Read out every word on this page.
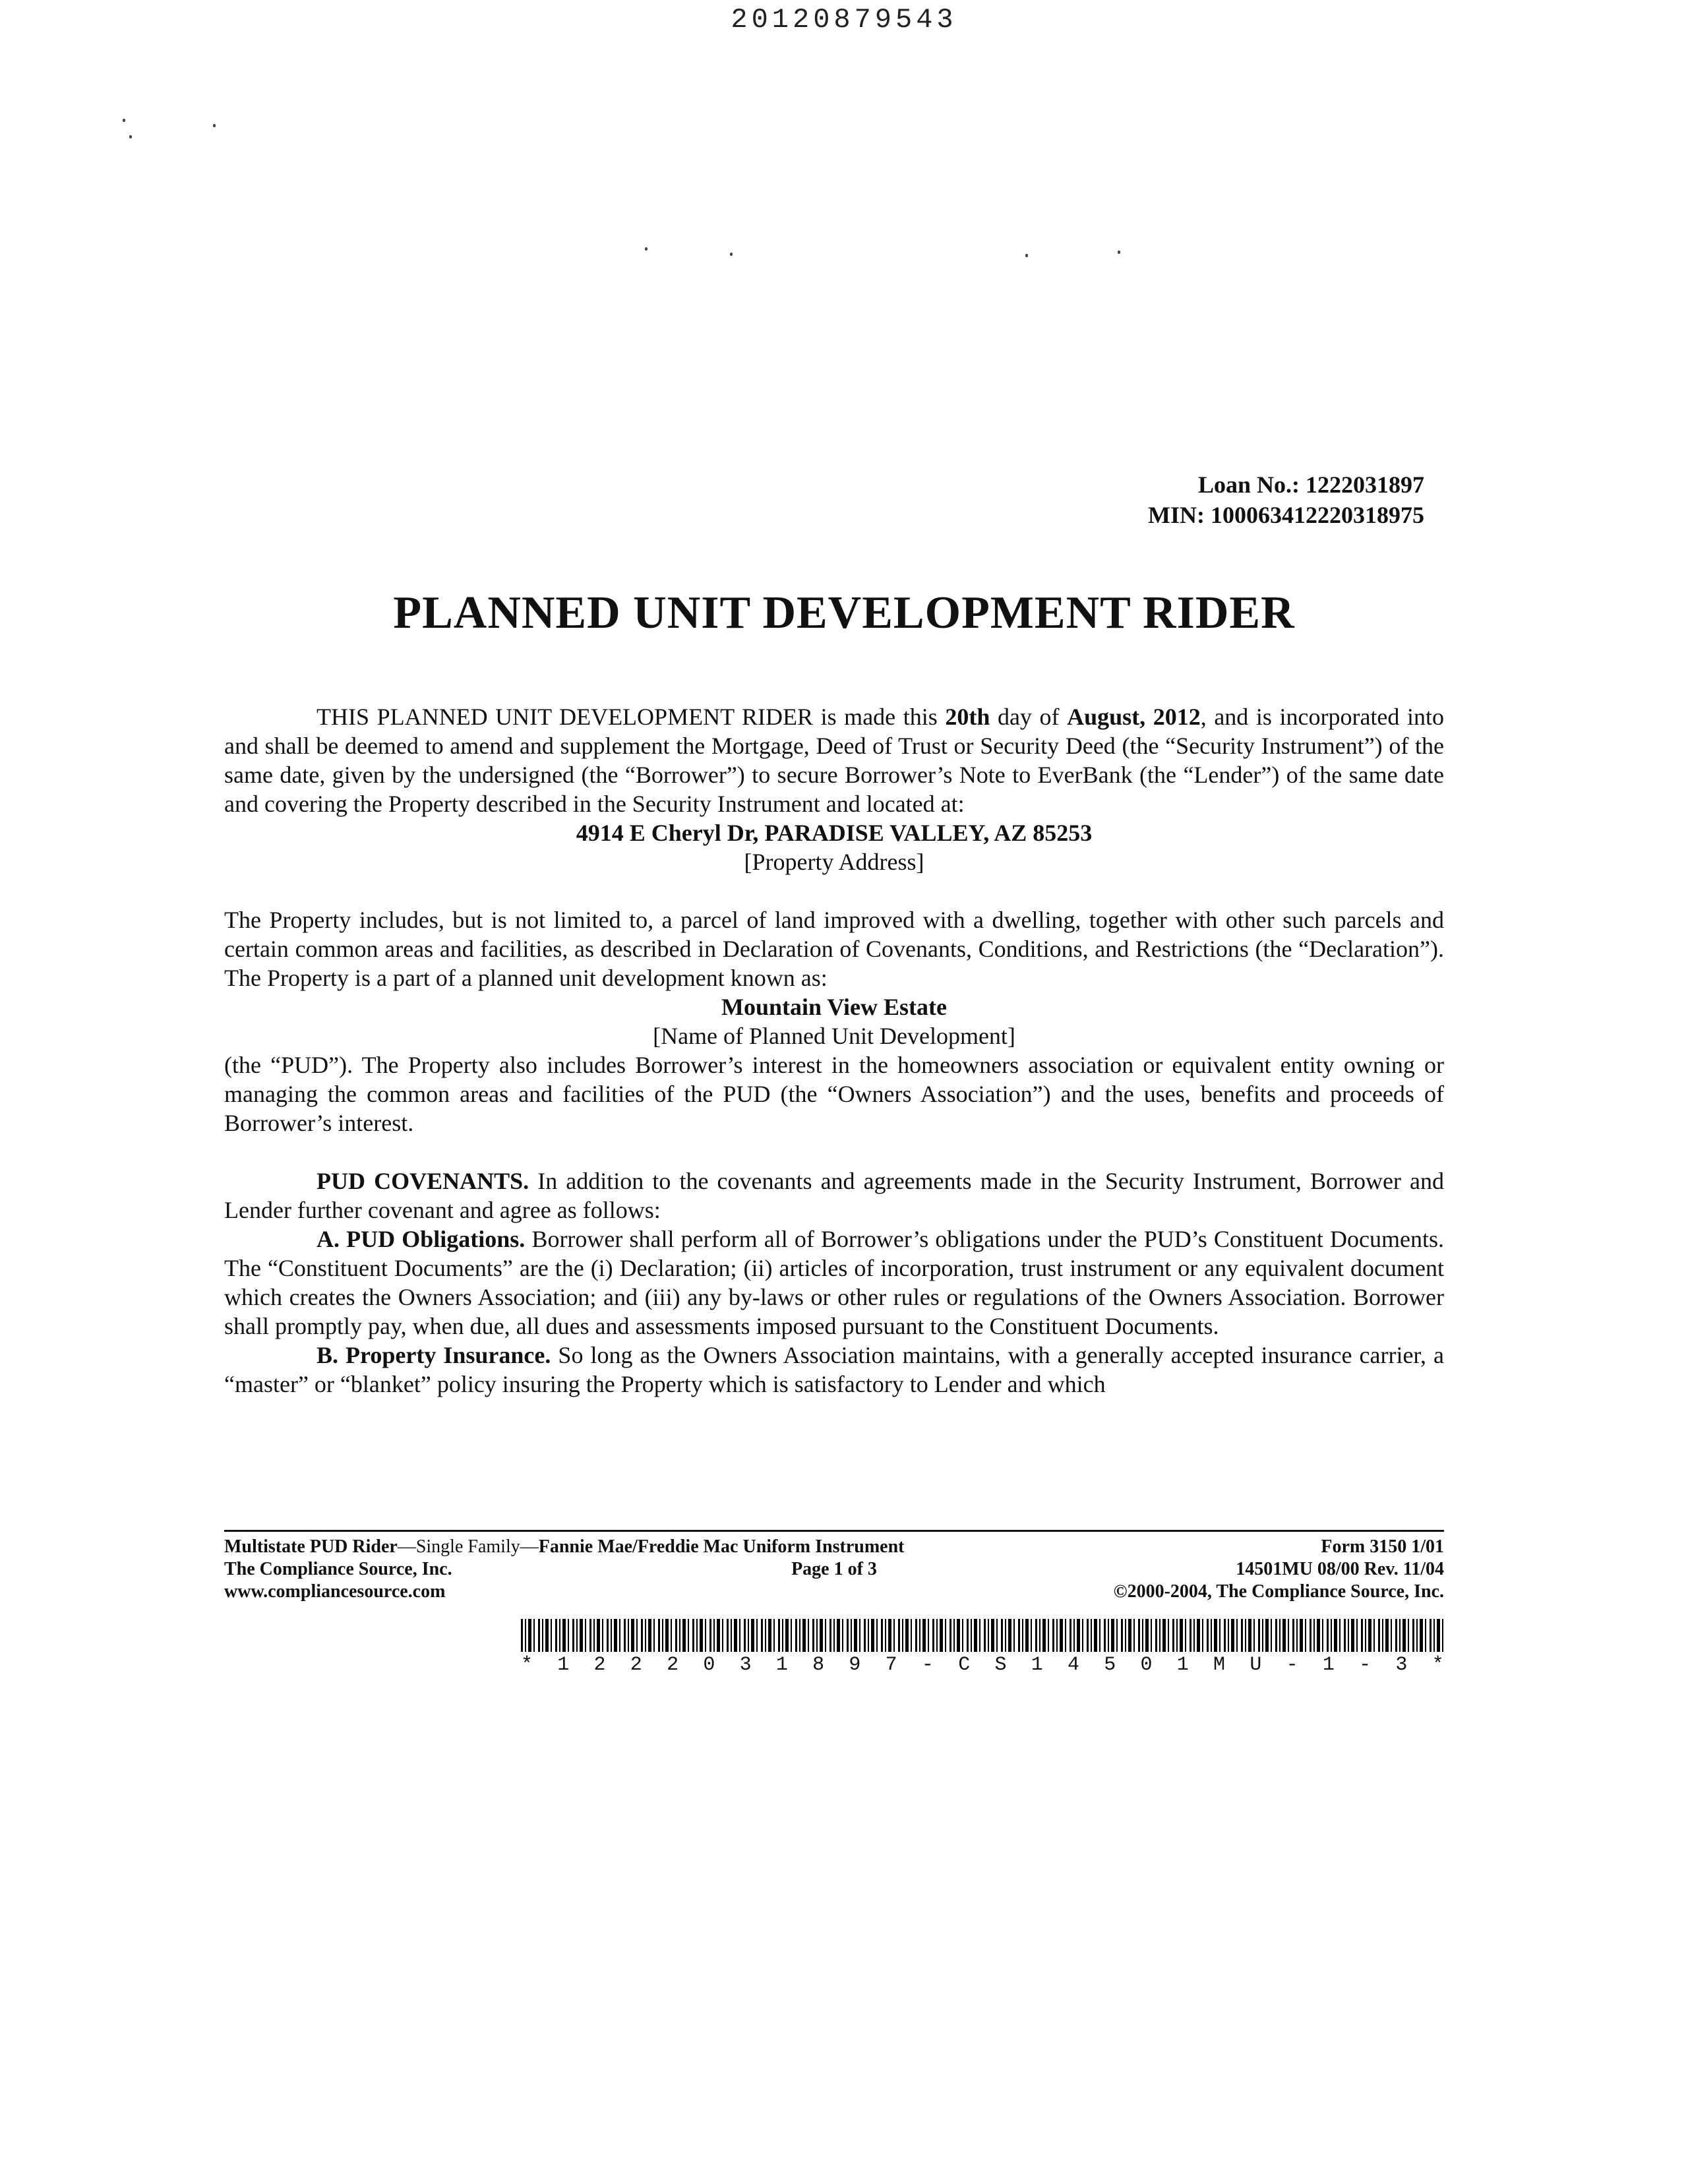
20120879543
Loan No.: 1222031897
MIN: 100063412220318975
PLANNED UNIT DEVELOPMENT RIDER

THIS PLANNED UNIT DEVELOPMENT RIDER is made this 20th day of August, 2012, and is incorporated into and shall be deemed to amend and supplement the Mortgage, Deed of Trust or Security Deed (the “Security Instrument”) of the same date, given by the undersigned (the “Borrower”) to secure Borrower’s Note to EverBank (the “Lender”) of the same date and covering the Property described in the Security Instrument and located at:

4914 E Cheryl Dr, PARADISE VALLEY, AZ 85253

[Property Address]

The Property includes, but is not limited to, a parcel of land improved with a dwelling, together with other such parcels and certain common areas and facilities, as described in Declaration of Covenants, Conditions, and Restrictions (the “Declaration”). The Property is a part of a planned unit development known as:

Mountain View Estate

[Name of Planned Unit Development]

(the “PUD”). The Property also includes Borrower’s interest in the homeowners association or equivalent entity owning or managing the common areas and facilities of the PUD (the “Owners Association”) and the uses, benefits and proceeds of Borrower’s interest.

PUD COVENANTS. In addition to the covenants and agreements made in the Security Instrument, Borrower and Lender further covenant and agree as follows:

A. PUD Obligations. Borrower shall perform all of Borrower’s obligations under the PUD’s Constituent Documents. The “Constituent Documents” are the (i) Declaration; (ii) articles of incorporation, trust instrument or any equivalent document which creates the Owners Association; and (iii) any by-laws or other rules or regulations of the Owners Association. Borrower shall promptly pay, when due, all dues and assessments imposed pursuant to the Constituent Documents.

B. Property Insurance. So long as the Owners Association maintains, with a generally accepted insurance carrier, a “master” or “blanket” policy insuring the Property which is satisfactory to Lender and which

Multistate PUD Rider—Single Family—Fannie Mae/Freddie Mac Uniform Instrument	Form 3150 1/01
The Compliance Source, Inc.	Page 1 of 3	14501MU 08/00 Rev. 11/04
www.compliancesource.com	©2000-2004, The Compliance Source, Inc.
* 1 2 2 2 0 3 1 8 9 7 - C S 1 4 5 0 1 M U - 1 - 3 *
